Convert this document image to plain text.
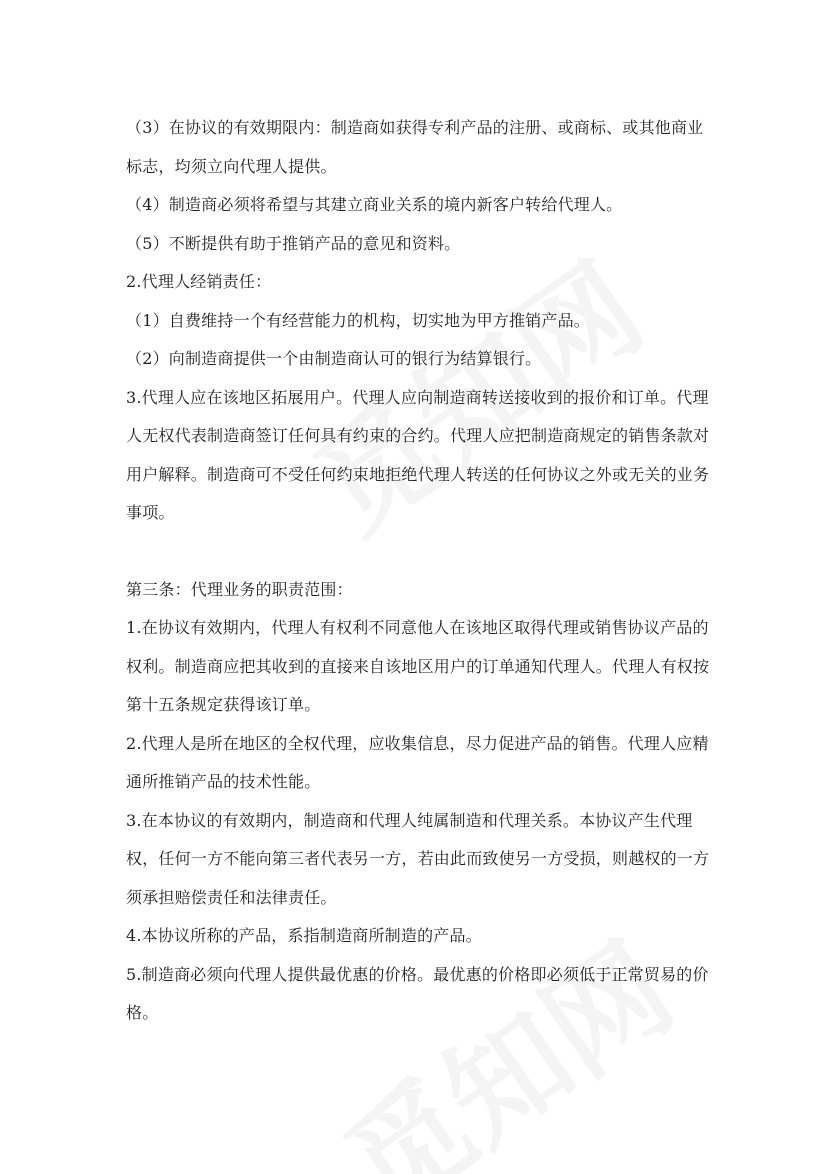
（3）在协议的有效期限内：制造商如获得专利产品的注册、或商标、或其他商业标志，均须立向代理人提供。

（4）制造商必须将希望与其建立商业关系的境内新客户转给代理人。

（5）不断提供有助于推销产品的意见和资料。

2.代理人经销责任：

（1）自费维持一个有经营能力的机构，切实地为甲方推销产品。

（2）向制造商提供一个由制造商认可的银行为结算银行。

3.代理人应在该地区拓展用户。代理人应向制造商转送接收到的报价和订单。代理人无权代表制造商签订任何具有约束的合约。代理人应把制造商规定的销售条款对用户解释。制造商可不受任何约束地拒绝代理人转送的任何协议之外或无关的业务事项。

第三条：代理业务的职责范围：

1.在协议有效期内，代理人有权利不同意他人在该地区取得代理或销售协议产品的权利。制造商应把其收到的直接来自该地区用户的订单通知代理人。代理人有权按第十五条规定获得该订单。

2.代理人是所在地区的全权代理，应收集信息，尽力促进产品的销售。代理人应精通所推销产品的技术性能。

3.在本协议的有效期内，制造商和代理人纯属制造和代理关系。本协议产生代理权，任何一方不能向第三者代表另一方，若由此而致使另一方受损，则越权的一方须承担赔偿责任和法律责任。

4.本协议所称的产品，系指制造商所制造的产品。

5.制造商必须向代理人提供最优惠的价格。最优惠的价格即必须低于正常贸易的价格。
